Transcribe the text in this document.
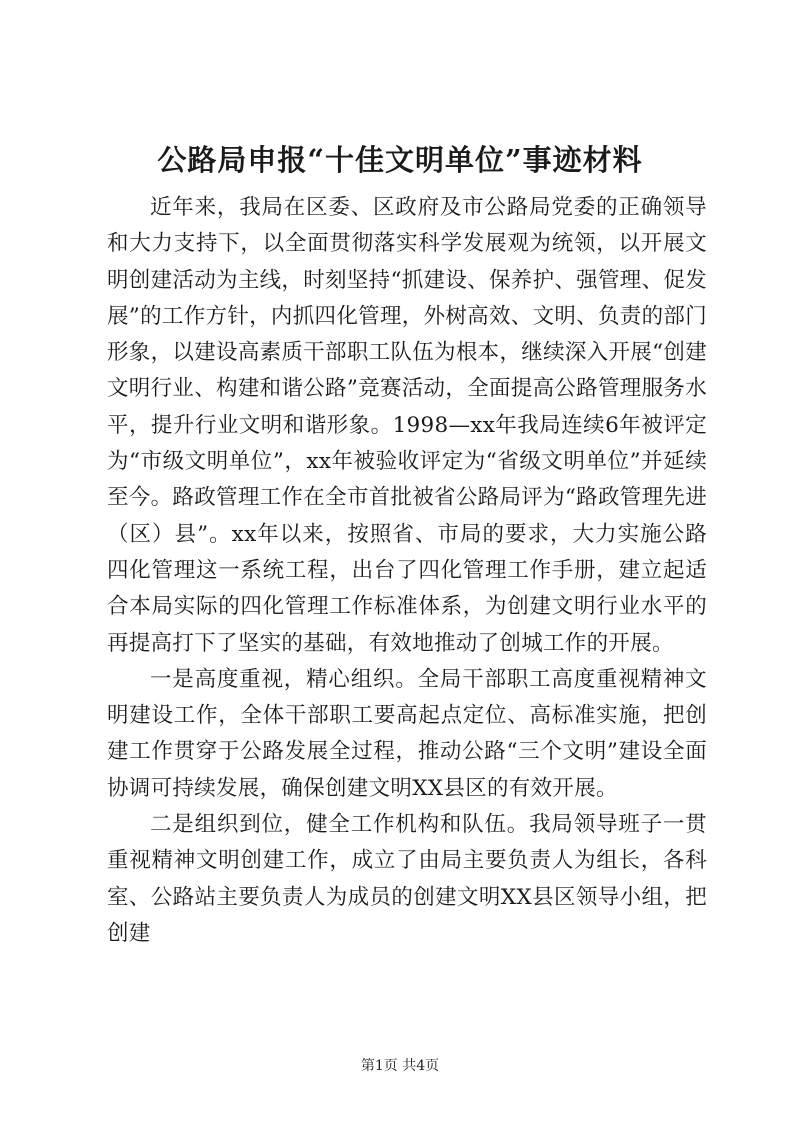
公路局申报“十佳文明单位”事迹材料

近年来，我局在区委、区政府及市公路局党委的正确领导和大力支持下，以全面贯彻落实科学发展观为统领，以开展文明创建活动为主线，时刻坚持“抓建设、保养护、强管理、促发展”的工作方针，内抓四化管理，外树高效、文明、负责的部门形象，以建设高素质干部职工队伍为根本，继续深入开展“创建文明行业、构建和谐公路”竞赛活动，全面提高公路管理服务水平，提升行业文明和谐形象。1998—xx年我局连续6年被评定为“市级文明单位”，xx年被验收评定为“省级文明单位”并延续至今。路政管理工作在全市首批被省公路局评为“路政管理先进（区）县”。xx年以来，按照省、市局的要求，大力实施公路四化管理这一系统工程，出台了四化管理工作手册，建立起适合本局实际的四化管理工作标准体系，为创建文明行业水平的再提高打下了坚实的基础，有效地推动了创城工作的开展。

一是高度重视，精心组织。全局干部职工高度重视精神文明建设工作，全体干部职工要高起点定位、高标准实施，把创建工作贯穿于公路发展全过程，推动公路“三个文明”建设全面协调可持续发展，确保创建文明XX县区的有效开展。

二是组织到位，健全工作机构和队伍。我局领导班子一贯重视精神文明创建工作，成立了由局主要负责人为组长，各科室、公路站主要负责人为成员的创建文明XX县区领导小组，把创建

第1页 共4页
